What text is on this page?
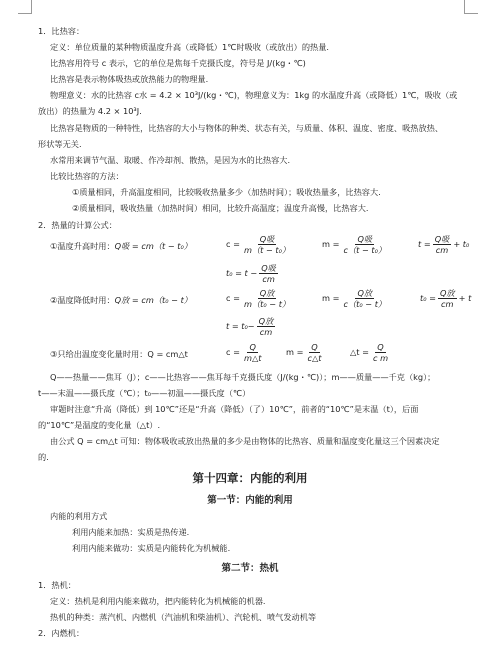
1．比热容：
定义：单位质量的某种物质温度升高（或降低）1℃时吸收（或放出）的热量.
比热容用符号 c 表示，它的单位是焦每千克摄氏度，符号是 J/(kg・℃)
比热容是表示物体吸热或放热能力的物理量.
物理意义：水的比热容 c水 = 4.2 × 10³J/(kg・℃)，物理意义为：1kg 的水温度升高（或降低）1℃，吸收（或
放出）的热量为 4.2 × 10³J.
比热容是物质的一种特性，比热容的大小与物体的种类、状态有关，与质量、体积、温度、密度、吸热放热、
形状等无关.
水常用来调节气温、取暖、作冷却剂、散热，是因为水的比热容大.
比较比热容的方法：
①质量相同，升高温度相同，比较吸收热量多少（加热时间）；吸收热量多，比热容大.
②质量相同，吸收热量（加热时间）相同，比较升高温度；温度升高慢，比热容大.
2．热量的计算公式：
①温度升高时用：Q吸 = cm（t − t₀）	$c = \frac{\text{Q吸}}{\text{m（t − t₀）}}$	$m = \frac{\text{Q吸}}{\text{c（t − t₀）}}$	$t = \frac{\text{Q吸}}{cm} + t_0$
$t_0 = t - \frac{\text{Q吸}}{cm}$
②温度降低时用：Q放 = cm（t₀ − t）	$c = \frac{\text{Q放}}{\text{m（t₀ − t）}}$	$m = \frac{\text{Q放}}{\text{c（t₀ − t）}}$	$t_0 = \frac{\text{Q放}}{cm} + t$
$t = t_0- \frac{\text{Q放}}{cm}$
③只给出温度变化量时用：Q = cm△t	$c = \frac{Q}{m\triangle t}$	$m = \frac{Q}{c\triangle t}$	△t = $\frac{Q}{\text{c m}}$
Q——热量——焦耳（J）；c——比热容——焦耳每千克摄氏度（J/(kg・℃)）；m——质量——千克（kg）；
t——末温——摄氏度（℃）；t₀——初温——摄氏度（℃）
审题时注意“升高（降低）到 10℃”还是“升高（降低）（了）10℃”，前者的“10℃”是末温（t），后面
的“10℃”是温度的变化量（△t）.
由公式 Q = cm△t 可知：物体吸收或放出热量的多少是由物体的比热容、质量和温度变化量这三个因素决定
的.
第十四章：内能的利用
第一节：内能的利用
内能的利用方式
利用内能来加热：实质是热传递.
利用内能来做功：实质是内能转化为机械能.
第二节：热机
1．热机：
定义：热机是利用内能来做功，把内能转化为机械能的机器.
热机的种类：蒸汽机、内燃机（汽油机和柴油机）、汽轮机、喷气发动机等
2．内燃机：
